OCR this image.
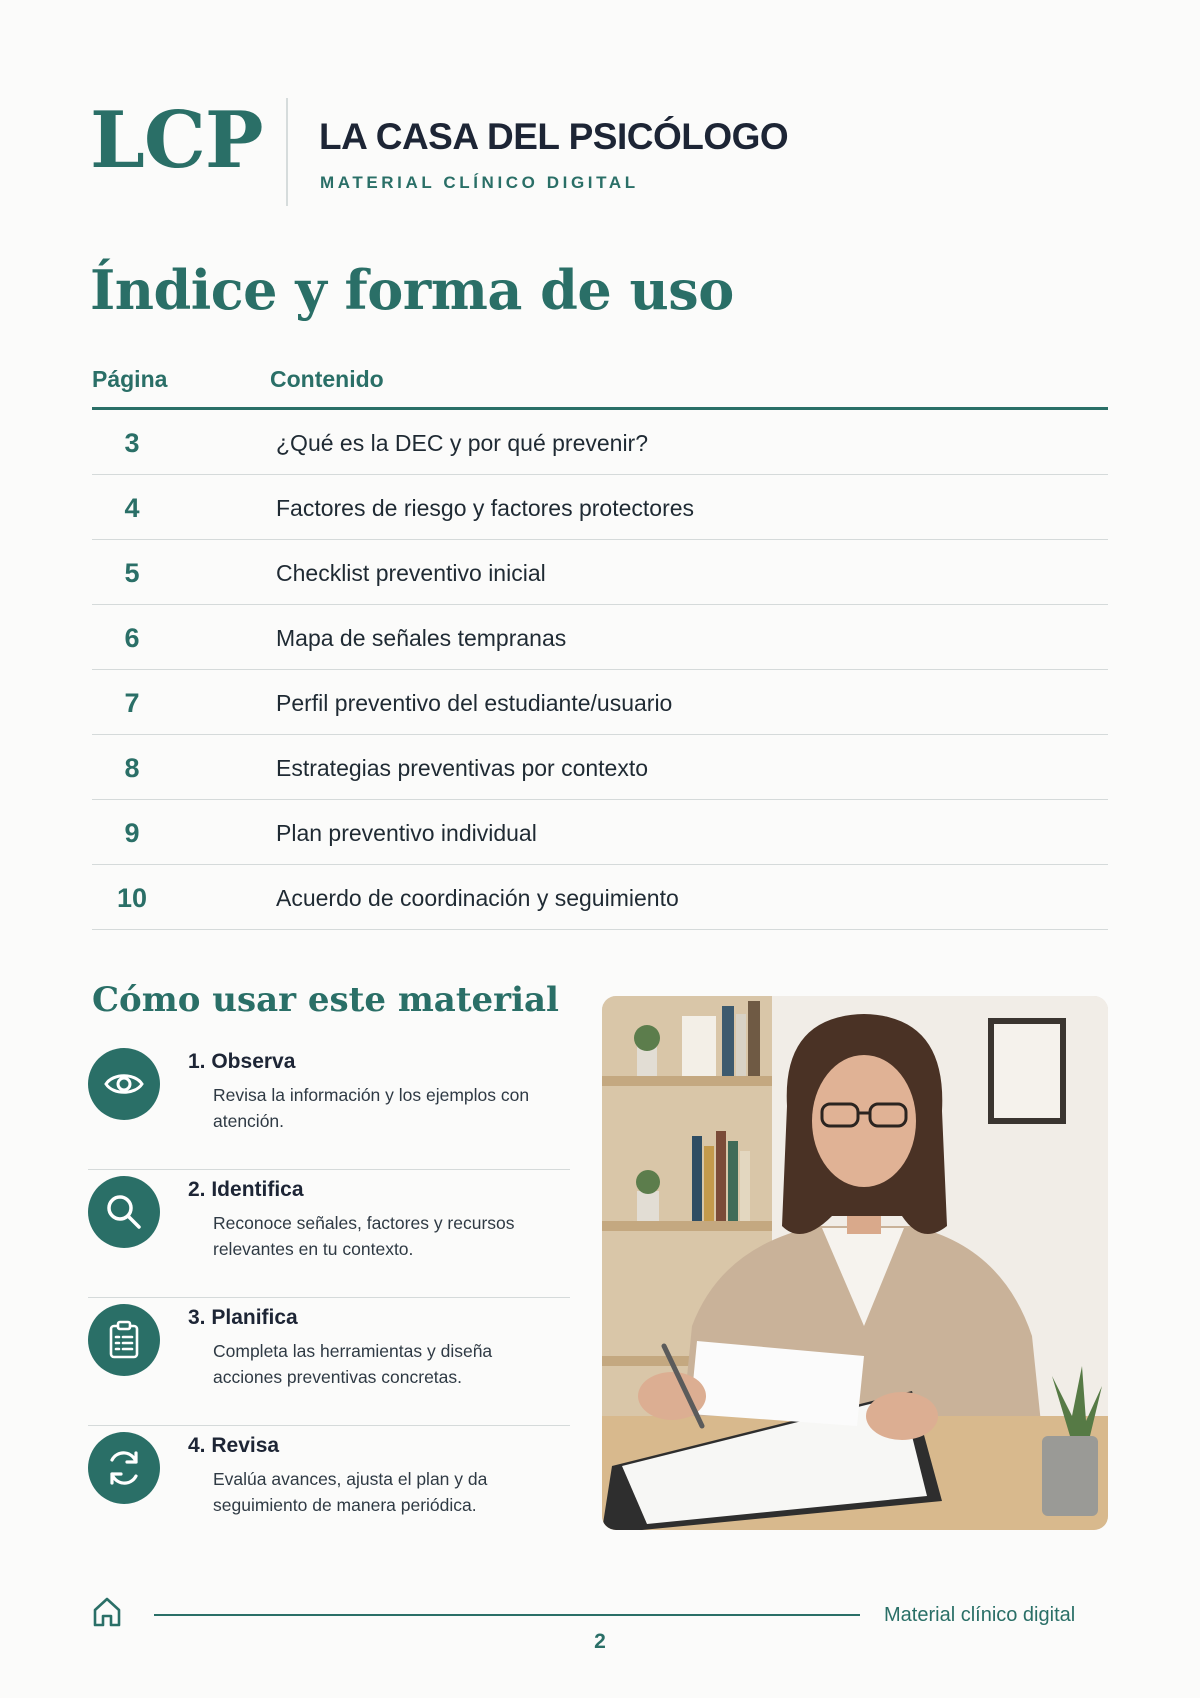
LCP LA CASA DEL PSICÓLOGO
MATERIAL CLÍNICO DIGITAL
Índice y forma de uso
Página	Contenido
3	¿Qué es la DEC y por qué prevenir?
4	Factores de riesgo y factores protectores
5	Checklist preventivo inicial
6	Mapa de señales tempranas
7	Perfil preventivo del estudiante/usuario
8	Estrategias preventivas por contexto
9	Plan preventivo individual
10	Acuerdo de coordinación y seguimiento
Cómo usar este material
1. Observa
Revisa la información y los ejemplos con atención.
2. Identifica
Reconoce señales, factores y recursos relevantes en tu contexto.
3. Planifica
Completa las herramientas y diseña acciones preventivas concretas.
4. Revisa
Evalúa avances, ajusta el plan y da seguimiento de manera periódica.
Material clínico digital
2
